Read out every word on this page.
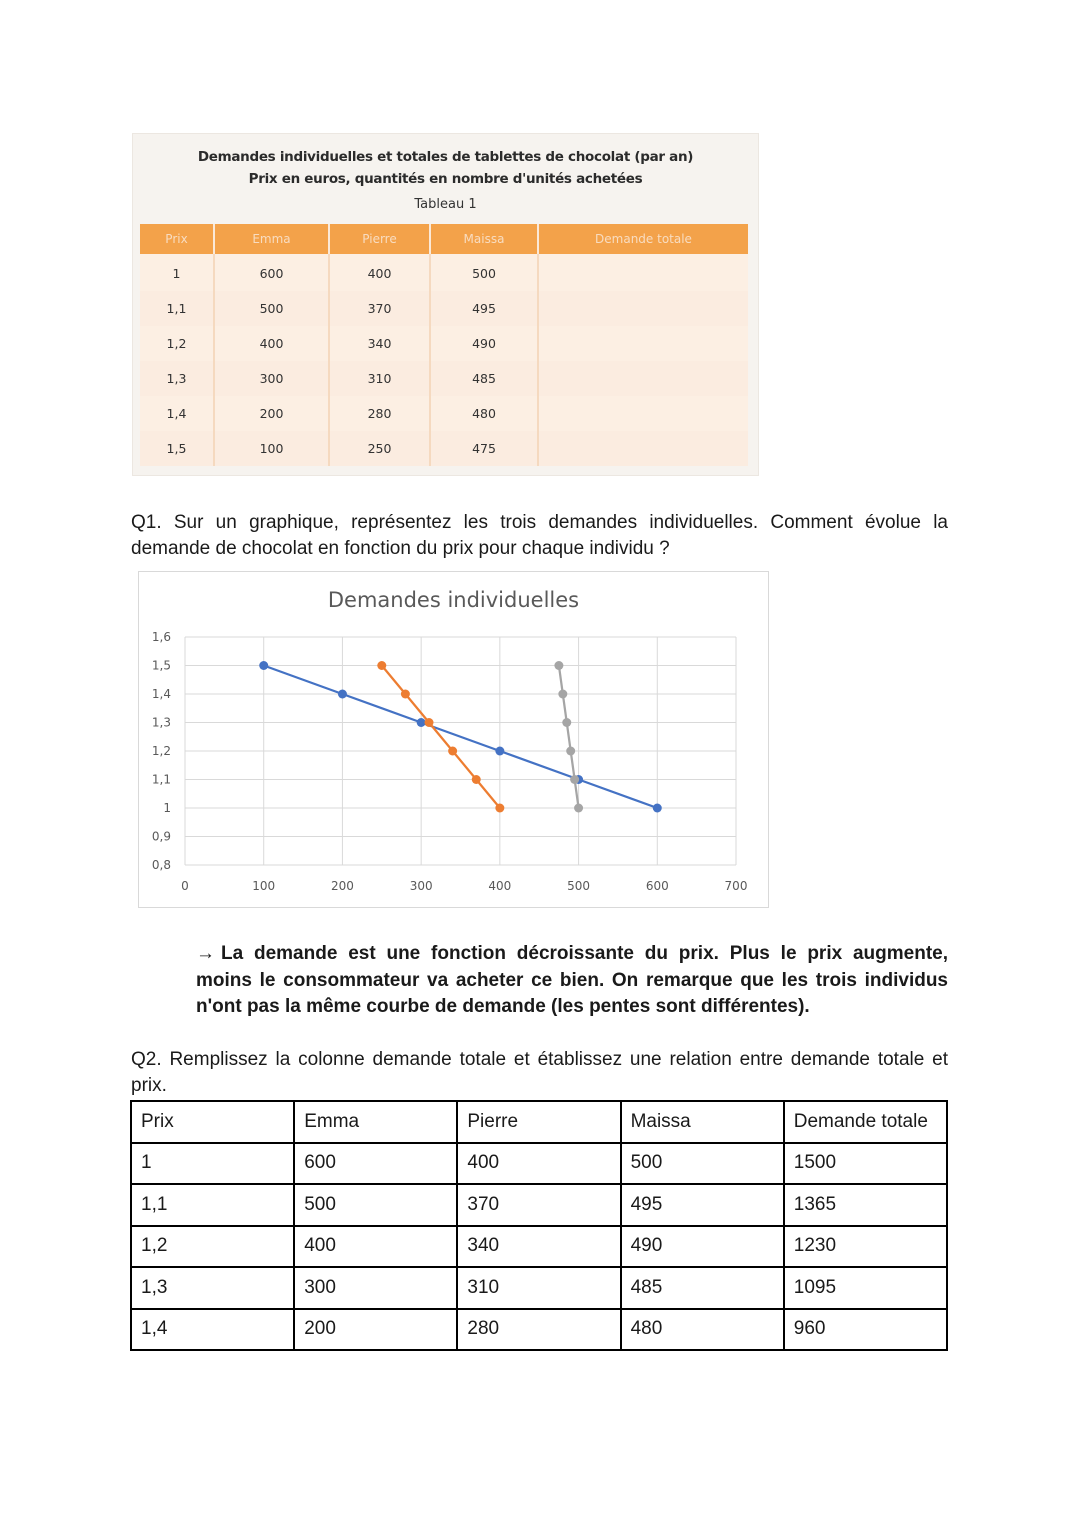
Demandes individuelles et totales de tablettes de chocolat (par an)
Prix en euros, quantités en nombre d'unités achetées
Tableau 1
Prix	Emma	Pierre	Maissa	Demande totale
1	600	400	500	
1,1	500	370	495	
1,2	400	340	490	
1,3	300	310	485	
1,4	200	280	480	
1,5	100	250	475	
Q1. Sur un graphique, représentez les trois demandes individuelles. Comment évolue la demande de chocolat en fonction du prix pour chaque individu ?
0,8
0,9
1
1,1
1,2
1,3
1,4
1,5
1,6
0	100	200	300	400	500	600	700
Demandes individuelles
→ La demande est une fonction décroissante du prix. Plus le prix augmente, moins le consommateur va acheter ce bien. On remarque que les trois individus n'ont pas la même courbe de demande (les pentes sont différentes).
Q2. Remplissez la colonne demande totale et établissez une relation entre demande totale et prix.
Prix	Emma	Pierre	Maissa	Demande totale
1	600	400	500	1500
1,1	500	370	495	1365
1,2	400	340	490	1230
1,3	300	310	485	1095
1,4	200	280	480	960
